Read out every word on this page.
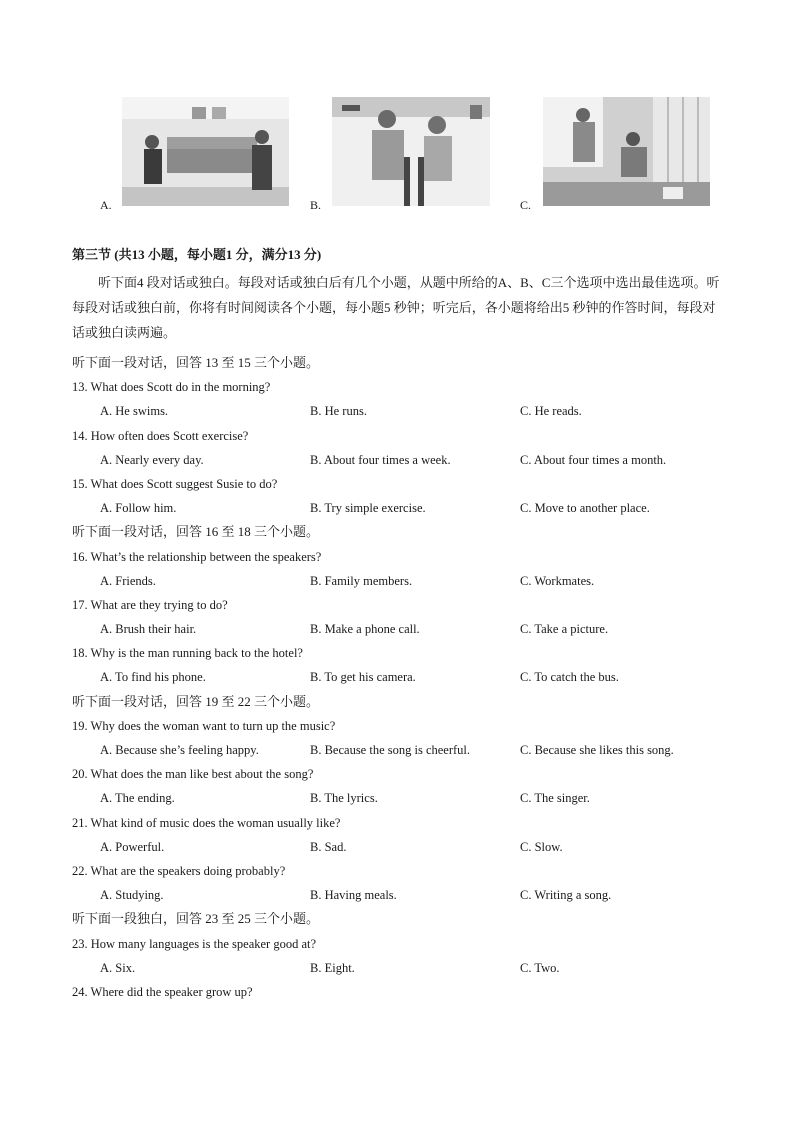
A.	B.	C.
第三节 (共13 小题，每小题1 分，满分13 分)
听下面4 段对话或独白。每段对话或独白后有几个小题，从题中所给的A、B、C三个选项中选出最佳选项。听每段对话或独白前，你将有时间阅读各个小题，每小题5 秒钟；听完后，各小题将给出5 秒钟的作答时间，每段对话或独白读两遍。
听下面一段对话，回答 13 至 15 三个小题。
13. What does Scott do in the morning?
A. He swims.	B. He runs.	C. He reads.
14. How often does Scott exercise?
A. Nearly every day.	B. About four times a week.	C. About four times a month.
15. What does Scott suggest Susie to do?
A. Follow him.	B. Try simple exercise.	C. Move to another place.
听下面一段对话，回答 16 至 18 三个小题。
16. What’s the relationship between the speakers?
A. Friends.	B. Family members.	C. Workmates.
17. What are they trying to do?
A. Brush their hair.	B. Make a phone call.	C. Take a picture.
18. Why is the man running back to the hotel?
A. To find his phone.	B. To get his camera.	C. To catch the bus.
听下面一段对话，回答 19 至 22 三个小题。
19. Why does the woman want to turn up the music?
A. Because she’s feeling happy.	B. Because the song is cheerful.	C. Because she likes this song.
20. What does the man like best about the song?
A. The ending.	B. The lyrics.	C. The singer.
21. What kind of music does the woman usually like?
A. Powerful.	B. Sad.	C. Slow.
22. What are the speakers doing probably?
A. Studying.	B. Having meals.	C. Writing a song.
听下面一段独白，回答 23 至 25 三个小题。
23. How many languages is the speaker good at?
A. Six.	B. Eight.	C. Two.
24. Where did the speaker grow up?
